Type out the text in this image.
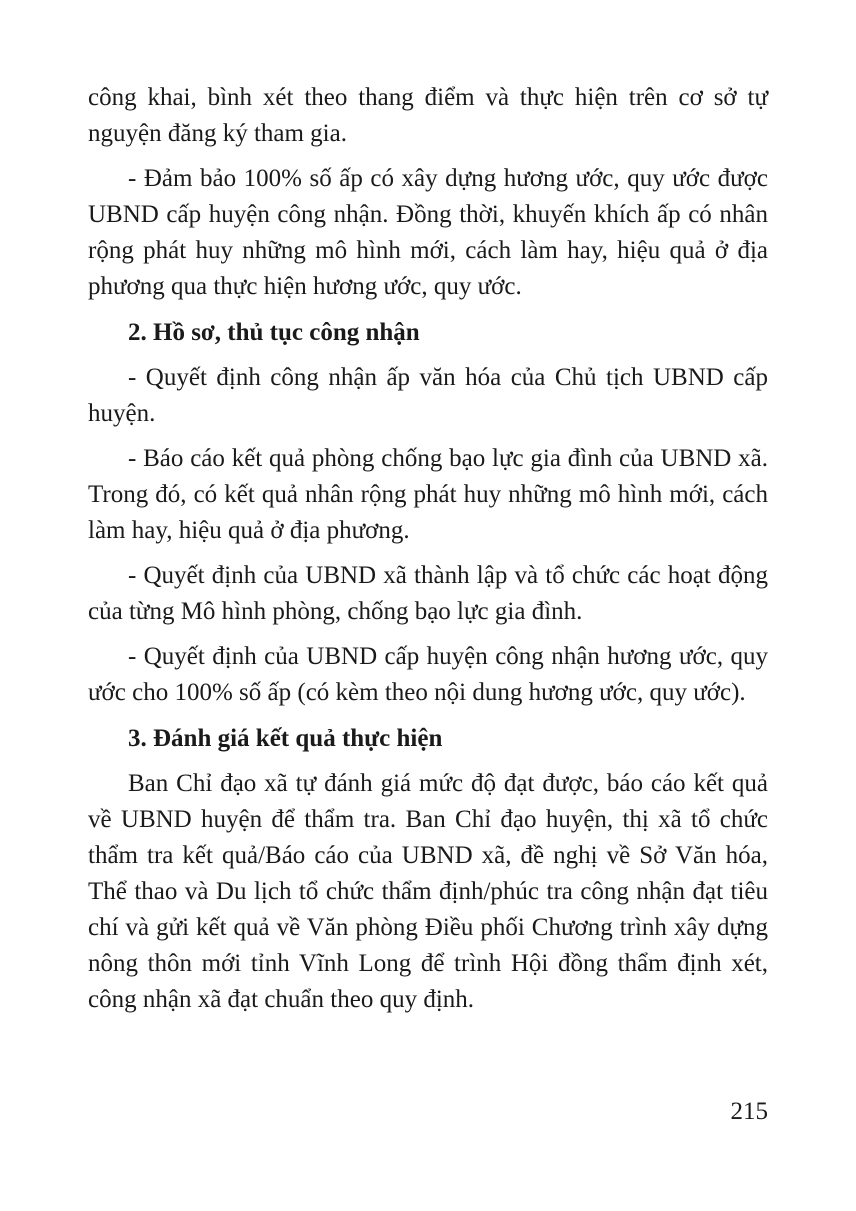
công khai, bình xét theo thang điểm và thực hiện trên cơ sở tự nguyện đăng ký tham gia.

- Đảm bảo 100% số ấp có xây dựng hương ước, quy ước được UBND cấp huyện công nhận. Đồng thời, khuyến khích ấp có nhân rộng phát huy những mô hình mới, cách làm hay, hiệu quả ở địa phương qua thực hiện hương ước, quy ước.

2. Hồ sơ, thủ tục công nhận

- Quyết định công nhận ấp văn hóa của Chủ tịch UBND cấp huyện.

- Báo cáo kết quả phòng chống bạo lực gia đình của UBND xã. Trong đó, có kết quả nhân rộng phát huy những mô hình mới, cách làm hay, hiệu quả ở địa phương.

- Quyết định của UBND xã thành lập và tổ chức các hoạt động của từng Mô hình phòng, chống bạo lực gia đình.

- Quyết định của UBND cấp huyện công nhận hương ước, quy ước cho 100% số ấp (có kèm theo nội dung hương ước, quy ước).

3. Đánh giá kết quả thực hiện

Ban Chỉ đạo xã tự đánh giá mức độ đạt được, báo cáo kết quả về UBND huyện để thẩm tra. Ban Chỉ đạo huyện, thị xã tổ chức thẩm tra kết quả/Báo cáo của UBND xã, đề nghị về Sở Văn hóa, Thể thao và Du lịch tổ chức thẩm định/phúc tra công nhận đạt tiêu chí và gửi kết quả về Văn phòng Điều phối Chương trình xây dựng nông thôn mới tỉnh Vĩnh Long để trình Hội đồng thẩm định xét, công nhận xã đạt chuẩn theo quy định.

215
